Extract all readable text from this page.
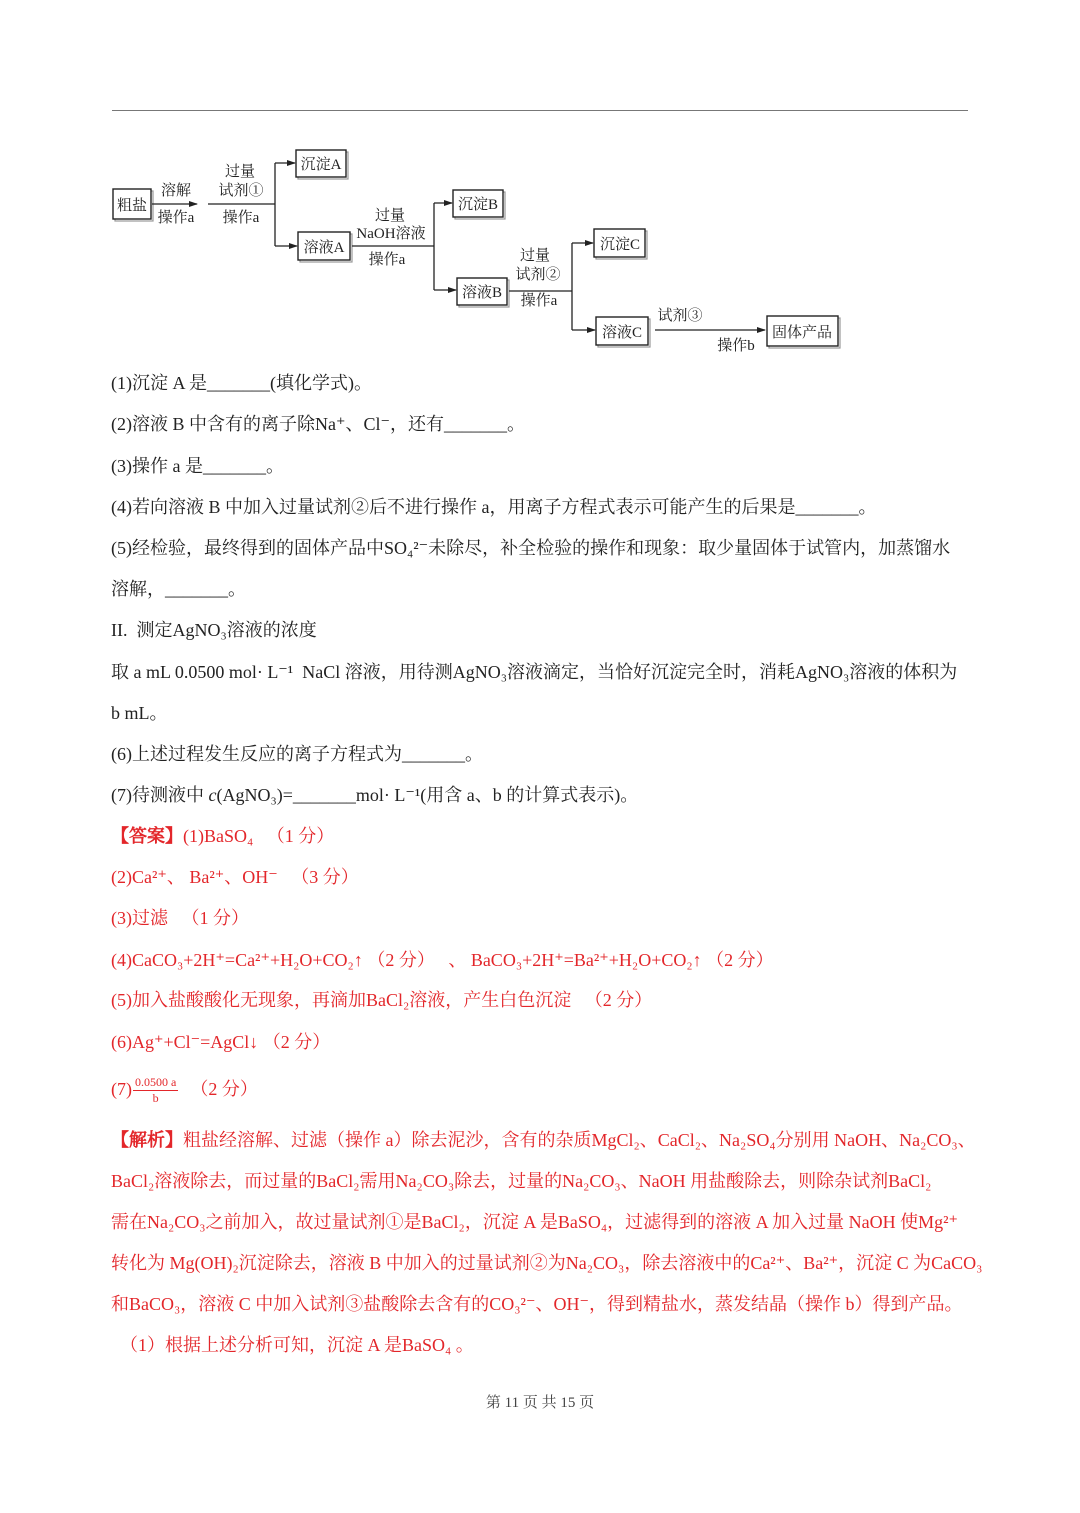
粗盐
溶解
操作a
过量
试剂①
操作a
沉淀A
溶液A
过量
NaOH溶液
操作a
沉淀B
溶液B
过量
试剂②
操作a
沉淀C
溶液C
试剂③
操作b
固体产品
(1)沉淀 A 是_______(填化学式)。
(2)溶液 B 中含有的离子除Na⁺、Cl⁻，还有_______。
(3)操作 a 是_______。
(4)若向溶液 B 中加入过量试剂②后不进行操作 a，用离子方程式表示可能产生的后果是_______。
(5)经检验，最终得到的固体产品中SO₄²⁻未除尽，补全检验的操作和现象：取少量固体于试管内，加蒸馏水
溶解，_______。
II.  测定AgNO₃溶液的浓度
取 a mL 0.0500 mol· L⁻¹  NaCl 溶液，用待测AgNO₃溶液滴定，当恰好沉淀完全时，消耗AgNO₃溶液的体积为
b mL。
(6)上述过程发生反应的离子方程式为_______。
(7)待测液中 c(AgNO₃)=_______mol· L⁻¹(用含 a、b 的计算式表示)。
【答案】(1)BaSO₄   （1 分）
(2)Ca²⁺、 Ba²⁺、OH⁻   （3 分）
(3)过滤   （1 分）
(4)CaCO₃+2H⁺=Ca²⁺+H₂O+CO₂↑ （2 分）   、 BaCO₃+2H⁺=Ba²⁺+H₂O+CO₂↑ （2 分）
(5)加入盐酸酸化无现象，再滴加BaCl₂溶液，产生白色沉淀   （2 分）
(6)Ag⁺+Cl⁻=AgCl↓ （2 分）
$(7) \frac{0.0500 a}{b} (2$ 分）
【解析】粗盐经溶解、过滤（操作 a）除去泥沙，含有的杂质MgCl₂、CaCl₂、Na₂SO₄分别用 NaOH、Na₂CO₃、
BaCl₂溶液除去，而过量的BaCl₂需用Na₂CO₃除去，过量的Na₂CO₃、NaOH 用盐酸除去，则除杂试剂BaCl₂
需在Na₂CO₃之前加入，故过量试剂①是BaCl₂，沉淀 A 是BaSO₄，过滤得到的溶液 A 加入过量 NaOH 使Mg²⁺
转化为 Mg(OH)₂沉淀除去，溶液 B 中加入的过量试剂②为Na₂CO₃，除去溶液中的Ca²⁺、Ba²⁺，沉淀 C 为CaCO₃
和BaCO₃，溶液 C 中加入试剂③盐酸除去含有的CO₃²⁻、OH⁻，得到精盐水，蒸发结晶（操作 b）得到产品。
（1）根据上述分析可知，沉淀 A 是BaSO₄ 。
第 11 页 共 15 页
